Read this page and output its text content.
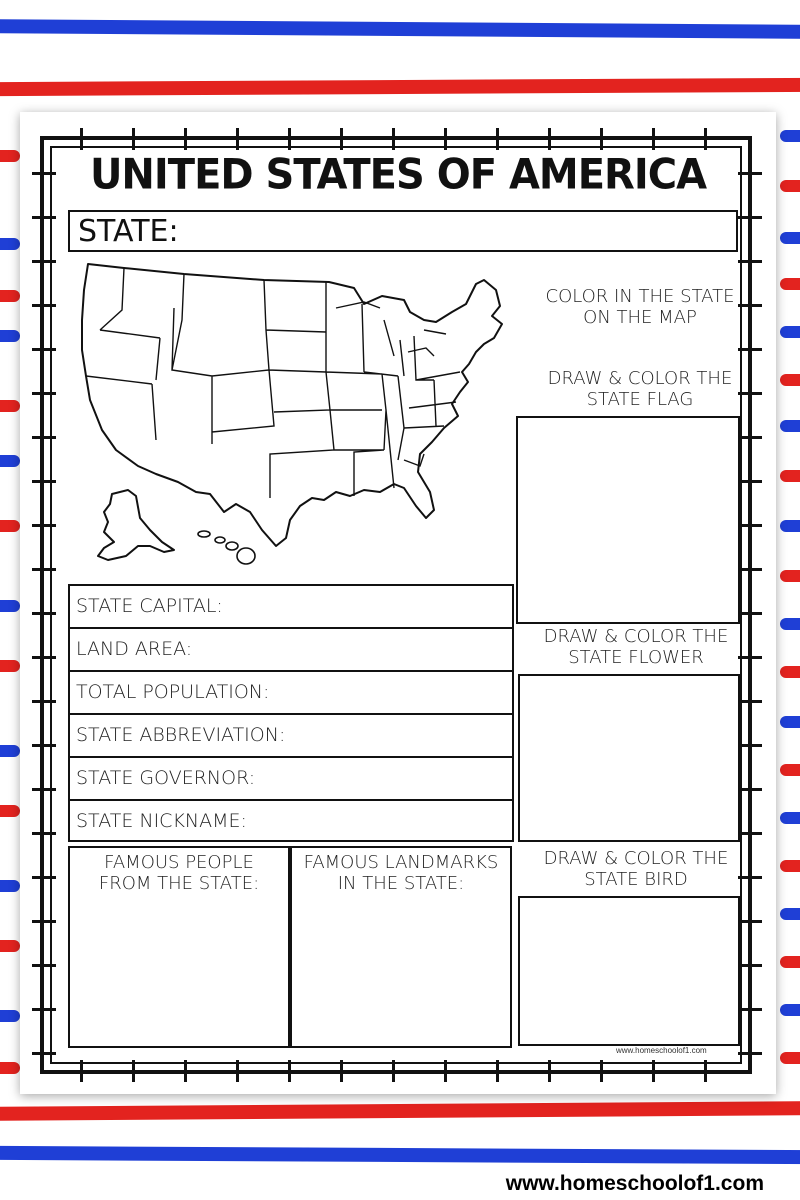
UNITED STATES OF AMERICA
STATE:
COLOR IN THE STATE ON THE MAP
DRAW & COLOR THE
STATE FLAG
DRAW & COLOR THE
STATE FLOWER
STATE CAPITAL:
LAND AREA:
TOTAL POPULATION:
STATE ABBREVIATION:
STATE GOVERNOR:
STATE NICKNAME:
FAMOUS PEOPLE
FROM THE STATE:
FAMOUS LANDMARKS
IN THE STATE:
DRAW & COLOR THE
STATE BIRD
www.homeschoolof1.com
www.homeschoolof1.com
